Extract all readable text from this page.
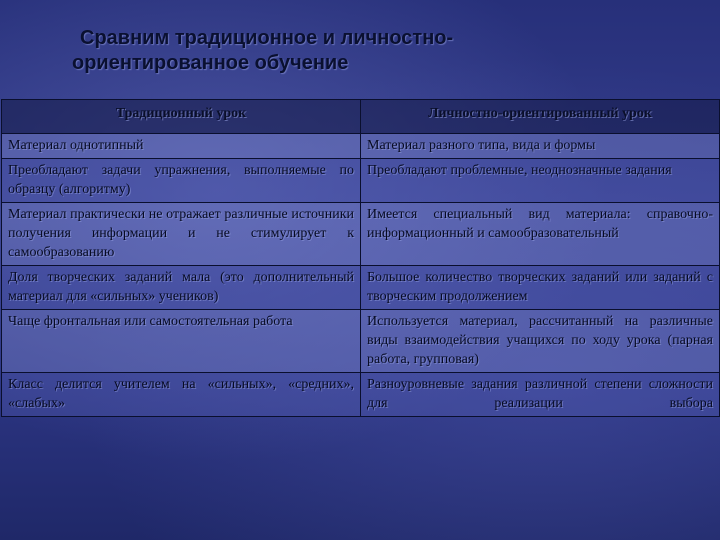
Сравним традиционное и личностно-
ориентированное обучение
Традиционный урок	Личностно-ориентированный урок
Материал однотипный	Материал разного типа, вида и формы
Преобладают задачи упражнения, выполняемые по образцу (алгоритму)	Преобладают проблемные, неоднозначные задания
Материал практически не отражает различные источники получения информации и не стимулирует к самообразованию	Имеется специальный вид материала: справочно-информационный и самообразовательный
Доля творческих заданий мала (это дополнительный материал для «сильных» учеников)	Большое количество творческих заданий или заданий с творческим продолжением
Чаще фронтальная или самостоятельная работа	Используется материал, рассчитанный на различные виды взаимодействия учащихся по ходу урока (парная работа, групповая)
Класс делится учителем на «сильных», «средних», «слабых»	Разноуровневые задания различной степени сложности для реализации выбора
